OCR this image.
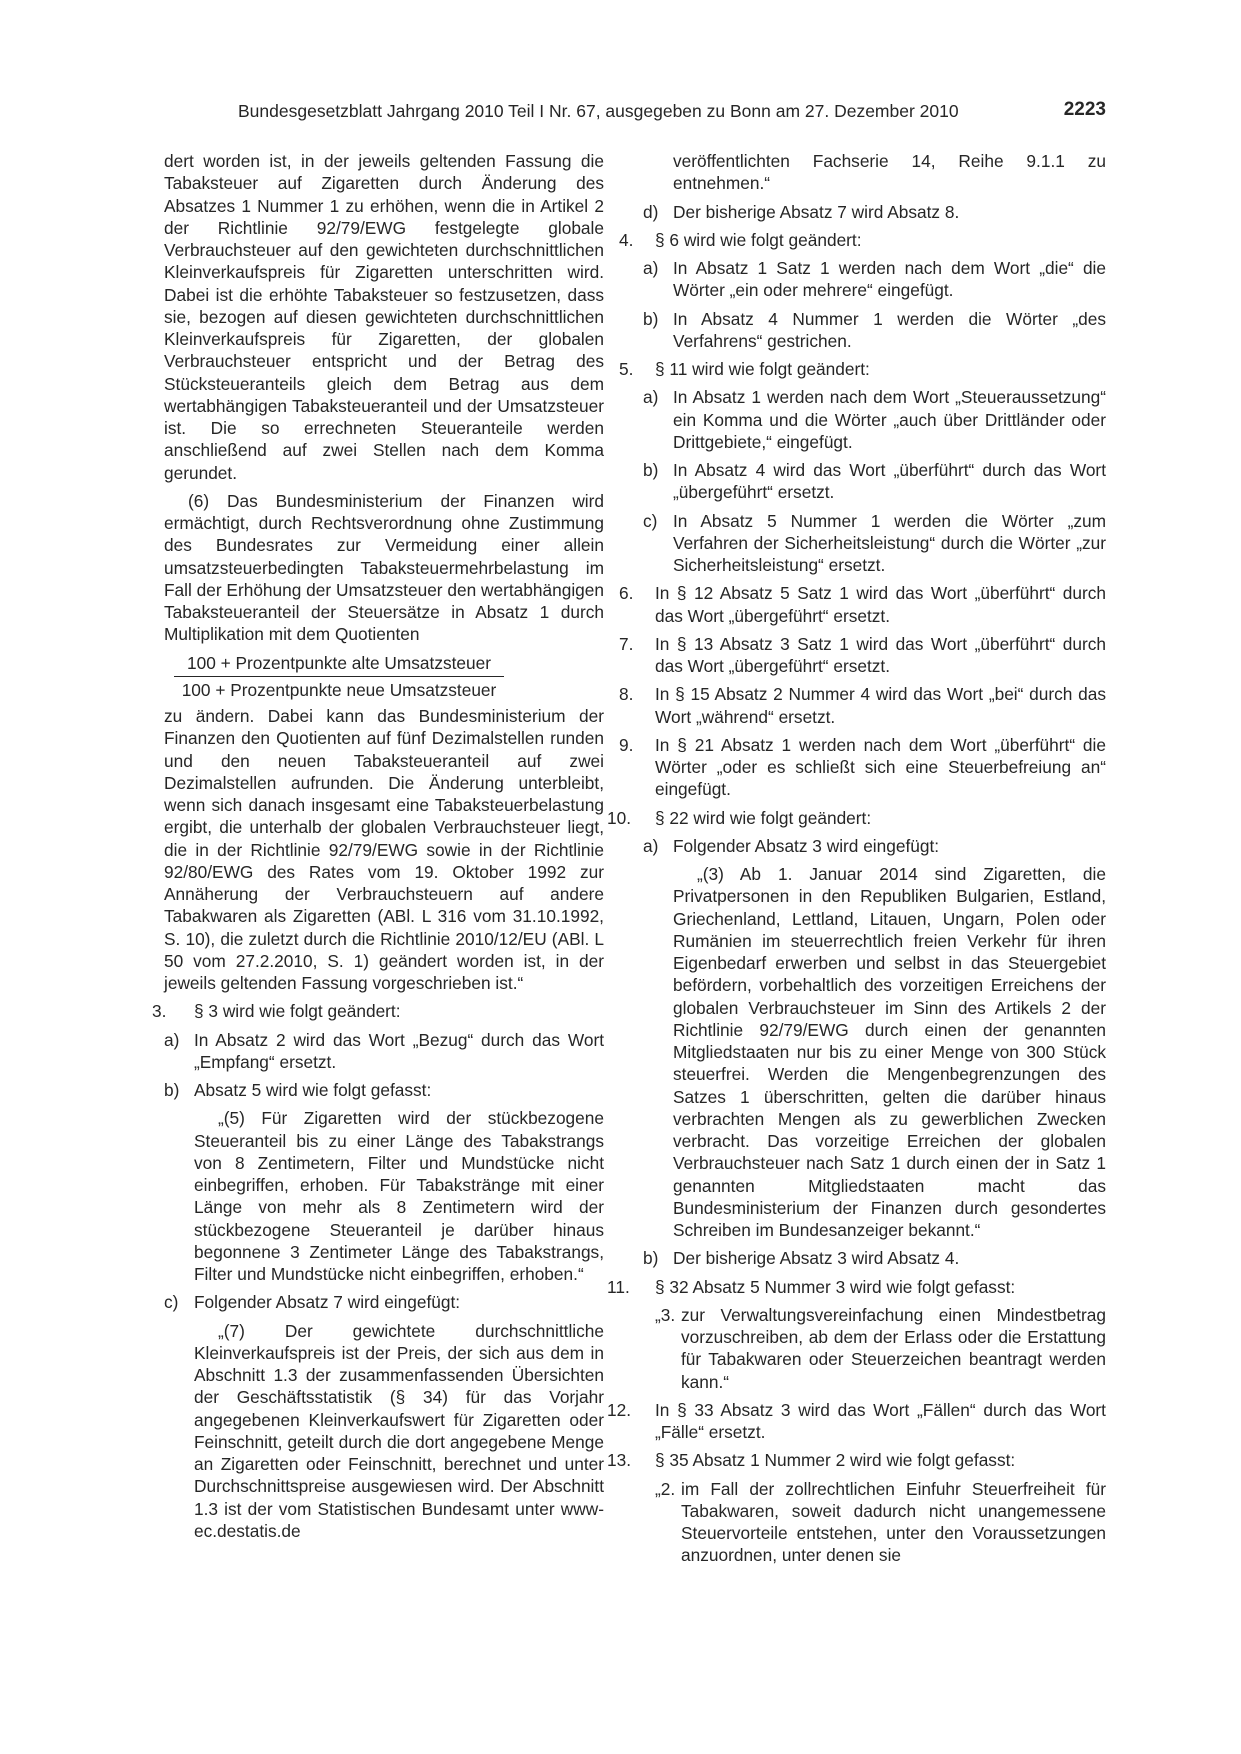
Bundesgesetzblatt Jahrgang 2010 Teil I Nr. 67, ausgegeben zu Bonn am 27. Dezember 2010	2223

dert worden ist, in der jeweils geltenden Fassung die Tabaksteuer auf Zigaretten durch Änderung des Absatzes 1 Nummer 1 zu erhöhen, wenn die in Artikel 2 der Richtlinie 92/79/EWG festgelegte globale Verbrauchsteuer auf den gewichteten durchschnittlichen Kleinverkaufspreis für Zigaretten unterschritten wird. Dabei ist die erhöhte Tabaksteuer so festzusetzen, dass sie, bezogen auf diesen gewichteten durchschnittlichen Kleinverkaufspreis für Zigaretten, der globalen Verbrauchsteuer entspricht und der Betrag des Stücksteueranteils gleich dem Betrag aus dem wertabhängigen Tabaksteueranteil und der Umsatzsteuer ist. Die so errechneten Steueranteile werden anschließend auf zwei Stellen nach dem Komma gerundet.

(6) Das Bundesministerium der Finanzen wird ermächtigt, durch Rechtsverordnung ohne Zustimmung des Bundesrates zur Vermeidung einer allein umsatzsteuerbedingten Tabaksteuermehrbelastung im Fall der Erhöhung der Umsatzsteuer den wertabhängigen Tabaksteueranteil der Steuersätze in Absatz 1 durch Multiplikation mit dem Quotienten

100 + Prozentpunkte alte Umsatzsteuer
100 + Prozentpunkte neue Umsatzsteuer

zu ändern. Dabei kann das Bundesministerium der Finanzen den Quotienten auf fünf Dezimalstellen runden und den neuen Tabaksteueranteil auf zwei Dezimalstellen aufrunden. Die Änderung unterbleibt, wenn sich danach insgesamt eine Tabaksteuerbelastung ergibt, die unterhalb der globalen Verbrauchsteuer liegt, die in der Richtlinie 92/79/EWG sowie in der Richtlinie 92/80/EWG des Rates vom 19. Oktober 1992 zur Annäherung der Verbrauchsteuern auf andere Tabakwaren als Zigaretten (ABl. L 316 vom 31.10.1992, S. 10), die zuletzt durch die Richtlinie 2010/12/EU (ABl. L 50 vom 27.2.2010, S. 1) geändert worden ist, in der jeweils geltenden Fassung vorgeschrieben ist.“

3. § 3 wird wie folgt geändert:
a) In Absatz 2 wird das Wort „Bezug“ durch das Wort „Empfang“ ersetzt.
b) Absatz 5 wird wie folgt gefasst:

„(5) Für Zigaretten wird der stückbezogene Steueranteil bis zu einer Länge des Tabakstrangs von 8 Zentimetern, Filter und Mundstücke nicht einbegriffen, erhoben. Für Tabakstränge mit einer Länge von mehr als 8 Zentimetern wird der stückbezogene Steueranteil je darüber hinaus begonnene 3 Zentimeter Länge des Tabakstrangs, Filter und Mundstücke nicht einbegriffen, erhoben.“

c) Folgender Absatz 7 wird eingefügt:

„(7) Der gewichtete durchschnittliche Kleinverkaufspreis ist der Preis, der sich aus dem in Abschnitt 1.3 der zusammenfassenden Übersichten der Geschäftsstatistik (§ 34) für das Vorjahr angegebenen Kleinverkaufswert für Zigaretten oder Feinschnitt, geteilt durch die dort angegebene Menge an Zigaretten oder Feinschnitt, berechnet und unter Durchschnittspreise ausgewiesen wird. Der Abschnitt 1.3 ist der vom Statistischen Bundesamt unter www-ec.destatis.de

veröffentlichten Fachserie 14, Reihe 9.1.1 zu entnehmen.“

d) Der bisherige Absatz 7 wird Absatz 8.
4. § 6 wird wie folgt geändert:
a) In Absatz 1 Satz 1 werden nach dem Wort „die“ die Wörter „ein oder mehrere“ eingefügt.
b) In Absatz 4 Nummer 1 werden die Wörter „des Verfahrens“ gestrichen.
5. § 11 wird wie folgt geändert:
a) In Absatz 1 werden nach dem Wort „Steueraussetzung“ ein Komma und die Wörter „auch über Drittländer oder Drittgebiete,“ eingefügt.
b) In Absatz 4 wird das Wort „überführt“ durch das Wort „übergeführt“ ersetzt.
c) In Absatz 5 Nummer 1 werden die Wörter „zum Verfahren der Sicherheitsleistung“ durch die Wörter „zur Sicherheitsleistung“ ersetzt.
6. In § 12 Absatz 5 Satz 1 wird das Wort „überführt“ durch das Wort „übergeführt“ ersetzt.
7. In § 13 Absatz 3 Satz 1 wird das Wort „überführt“ durch das Wort „übergeführt“ ersetzt.
8. In § 15 Absatz 2 Nummer 4 wird das Wort „bei“ durch das Wort „während“ ersetzt.
9. In § 21 Absatz 1 werden nach dem Wort „überführt“ die Wörter „oder es schließt sich eine Steuerbefreiung an“ eingefügt.
10. § 22 wird wie folgt geändert:
a) Folgender Absatz 3 wird eingefügt:

„(3) Ab 1. Januar 2014 sind Zigaretten, die Privatpersonen in den Republiken Bulgarien, Estland, Griechenland, Lettland, Litauen, Ungarn, Polen oder Rumänien im steuerrechtlich freien Verkehr für ihren Eigenbedarf erwerben und selbst in das Steuergebiet befördern, vorbehaltlich des vorzeitigen Erreichens der globalen Verbrauchsteuer im Sinn des Artikels 2 der Richtlinie 92/79/EWG durch einen der genannten Mitgliedstaaten nur bis zu einer Menge von 300 Stück steuerfrei. Werden die Mengenbegrenzungen des Satzes 1 überschritten, gelten die darüber hinaus verbrachten Mengen als zu gewerblichen Zwecken verbracht. Das vorzeitige Erreichen der globalen Verbrauchsteuer nach Satz 1 durch einen der in Satz 1 genannten Mitgliedstaaten macht das Bundesministerium der Finanzen durch gesondertes Schreiben im Bundesanzeiger bekannt.“

b) Der bisherige Absatz 3 wird Absatz 4.
11. § 32 Absatz 5 Nummer 3 wird wie folgt gefasst:
„3. zur Verwaltungsvereinfachung einen Mindestbetrag vorzuschreiben, ab dem der Erlass oder die Erstattung für Tabakwaren oder Steuerzeichen beantragt werden kann.“
12. In § 33 Absatz 3 wird das Wort „Fällen“ durch das Wort „Fälle“ ersetzt.
13. § 35 Absatz 1 Nummer 2 wird wie folgt gefasst:
„2. im Fall der zollrechtlichen Einfuhr Steuerfreiheit für Tabakwaren, soweit dadurch nicht unangemessene Steuervorteile entstehen, unter den Voraussetzungen anzuordnen, unter denen sie
